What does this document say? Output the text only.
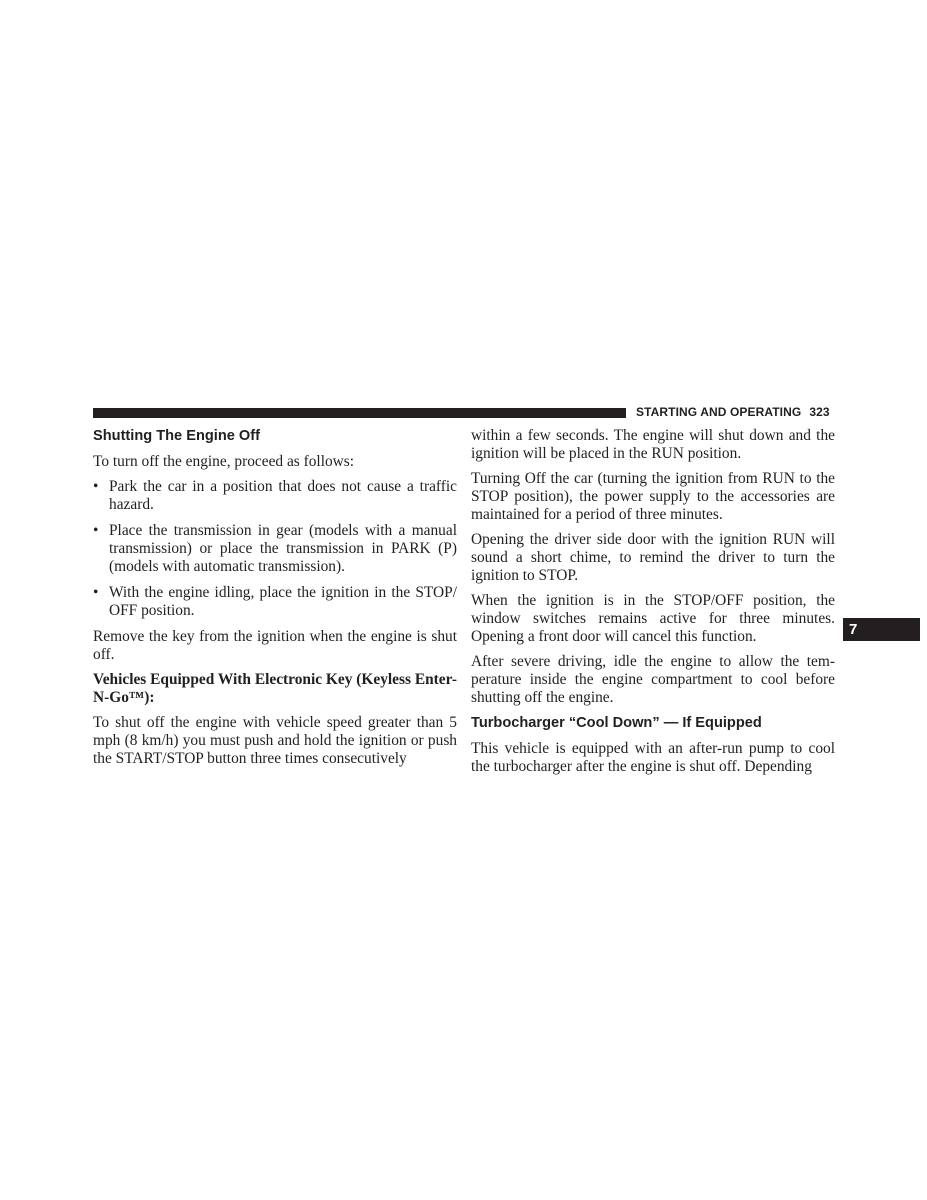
STARTING AND OPERATING 323
Shutting The Engine Off

To turn off the engine, proceed as follows:

• Park the car in a position that does not cause a traffic hazard.
• Place the transmission in gear (models with a manual transmission) or place the transmission in PARK (P) (models with automatic transmission).
• With the engine idling, place the ignition in the STOP/ OFF position.

Remove the key from the ignition when the engine is shut off.

Vehicles Equipped With Electronic Key (Keyless Enter-N-Go™):

To shut off the engine with vehicle speed greater than 5 mph (8 km/h) you must push and hold the ignition or push the START/STOP button three times consecutively

within a few seconds. The engine will shut down and the ignition will be placed in the RUN position.

Turning Off the car (turning the ignition from RUN to the STOP position), the power supply to the accessories are maintained for a period of three minutes.

Opening the driver side door with the ignition RUN will sound a short chime, to remind the driver to turn the ignition to STOP.

When the ignition is in the STOP/OFF position, the window switches remains active for three minutes. Opening a front door will cancel this function.

After severe driving, idle the engine to allow the tem-perature inside the engine compartment to cool before shutting off the engine.

Turbocharger “Cool Down” — If Equipped

This vehicle is equipped with an after-run pump to cool the turbocharger after the engine is shut off. Depending

7
